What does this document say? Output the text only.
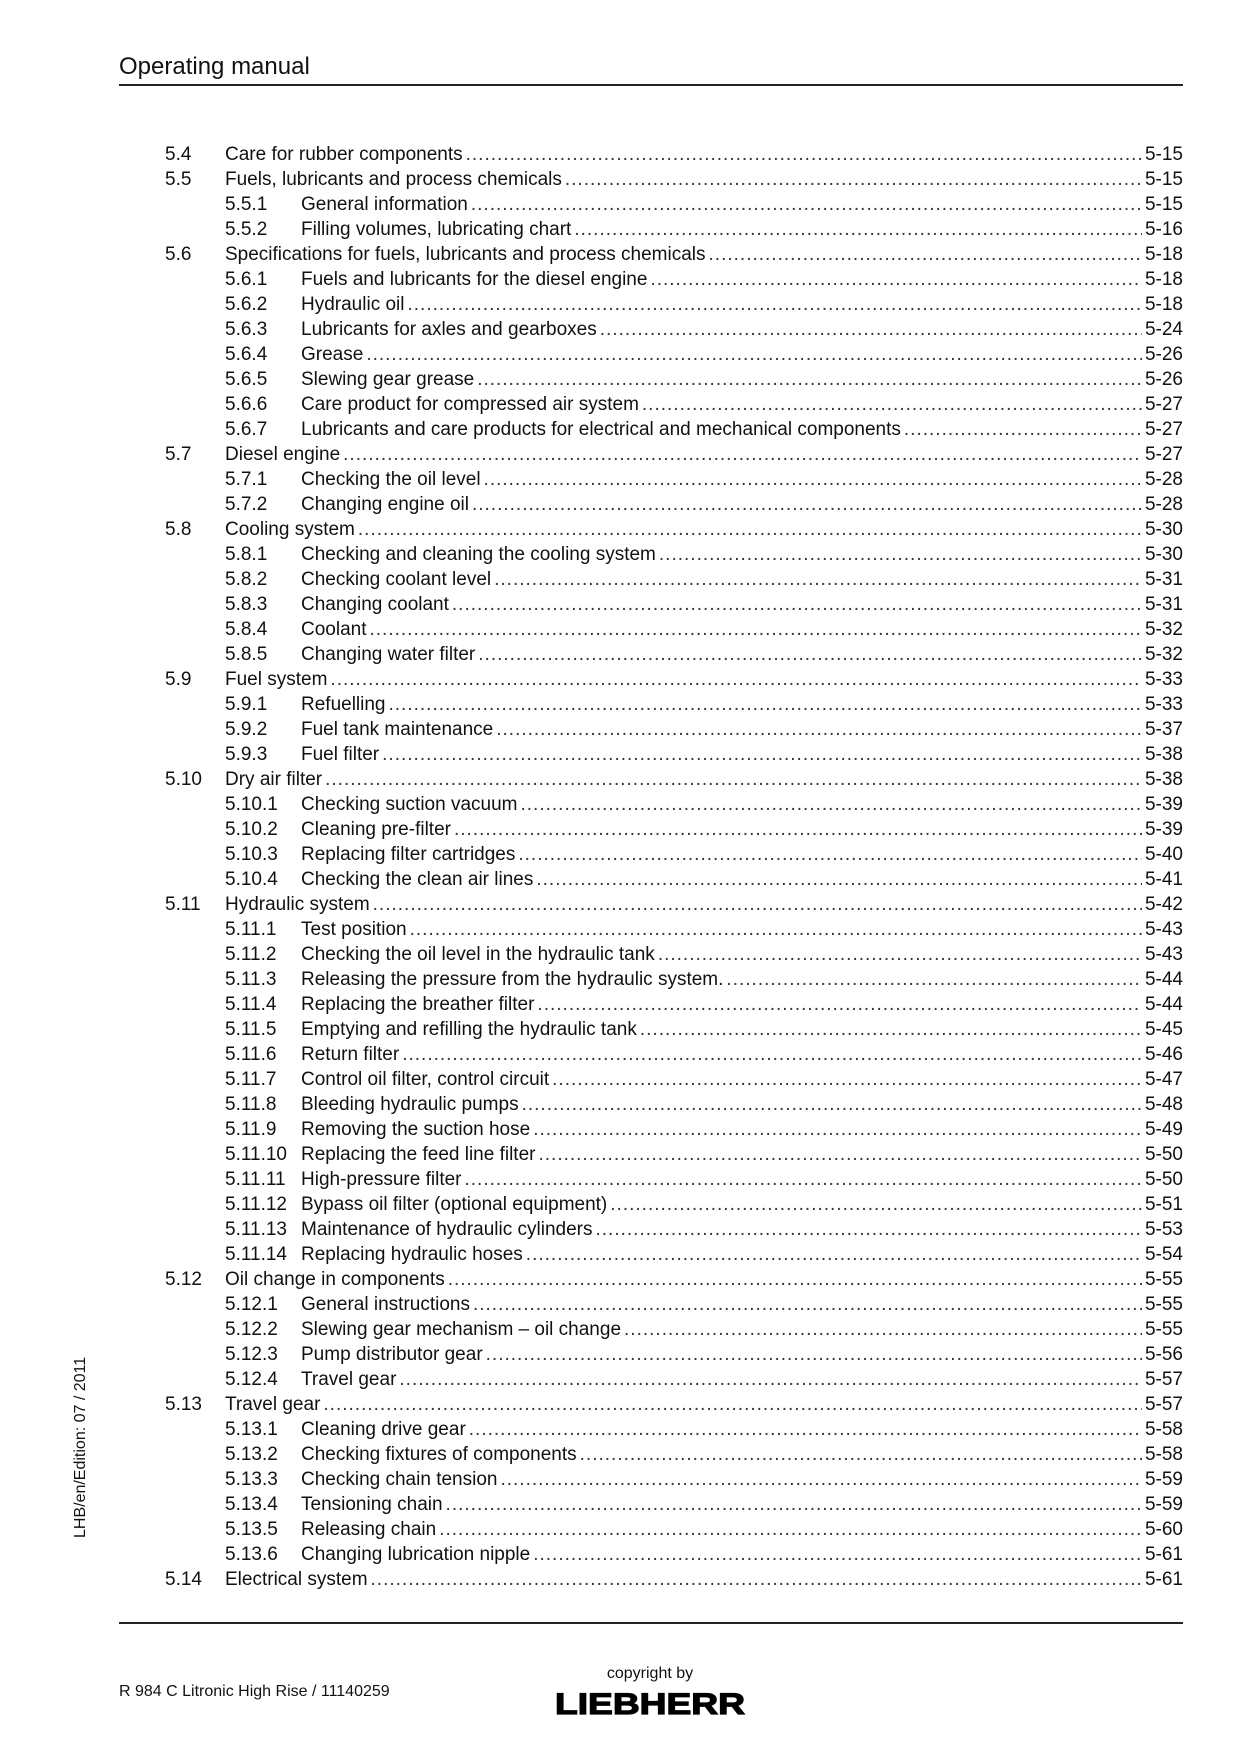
Operating manual
5.4 Care for rubber components .....	5-15
5.5 Fuels, lubricants and process chemicals .....	5-15
5.5.1 General information .....	5-15
5.5.2 Filling volumes, lubricating chart .....	5-16
5.6 Specifications for fuels, lubricants and process chemicals .....	5-18
5.6.1 Fuels and lubricants for the diesel engine .....	5-18
5.6.2 Hydraulic oil .....	5-18
5.6.3 Lubricants for axles and gearboxes .....	5-24
5.6.4 Grease .....	5-26
5.6.5 Slewing gear grease .....	5-26
5.6.6 Care product for compressed air system .....	5-27
5.6.7 Lubricants and care products for electrical and mechanical components .....	5-27
5.7 Diesel engine .....	5-27
5.7.1 Checking the oil level .....	5-28
5.7.2 Changing engine oil .....	5-28
5.8 Cooling system .....	5-30
5.8.1 Checking and cleaning the cooling system .....	5-30
5.8.2 Checking coolant level .....	5-31
5.8.3 Changing coolant .....	5-31
5.8.4 Coolant .....	5-32
5.8.5 Changing water filter .....	5-32
5.9 Fuel system .....	5-33
5.9.1 Refuelling .....	5-33
5.9.2 Fuel tank maintenance .....	5-37
5.9.3 Fuel filter .....	5-38
5.10 Dry air filter .....	5-38
5.10.1 Checking suction vacuum .....	5-39
5.10.2 Cleaning pre-filter .....	5-39
5.10.3 Replacing filter cartridges .....	5-40
5.10.4 Checking the clean air lines .....	5-41
5.11 Hydraulic system .....	5-42
5.11.1 Test position .....	5-43
5.11.2 Checking the oil level in the hydraulic tank .....	5-43
5.11.3 Releasing the pressure from the hydraulic system. .....	5-44
5.11.4 Replacing the breather filter .....	5-44
5.11.5 Emptying and refilling the hydraulic tank .....	5-45
5.11.6 Return filter .....	5-46
5.11.7 Control oil filter, control circuit .....	5-47
5.11.8 Bleeding hydraulic pumps .....	5-48
5.11.9 Removing the suction hose .....	5-49
5.11.10 Replacing the feed line filter .....	5-50
5.11.11 High-pressure filter .....	5-50
5.11.12 Bypass oil filter (optional equipment) .....	5-51
5.11.13 Maintenance of hydraulic cylinders .....	5-53
5.11.14 Replacing hydraulic hoses .....	5-54
5.12 Oil change in components .....	5-55
5.12.1 General instructions .....	5-55
5.12.2 Slewing gear mechanism – oil change .....	5-55
5.12.3 Pump distributor gear .....	5-56
5.12.4 Travel gear .....	5-57
5.13 Travel gear .....	5-57
5.13.1 Cleaning drive gear .....	5-58
5.13.2 Checking fixtures of components .....	5-58
5.13.3 Checking chain tension .....	5-59
5.13.4 Tensioning chain .....	5-59
5.13.5 Releasing chain .....	5-60
5.13.6 Changing lubrication nipple .....	5-61
5.14 Electrical system .....	5-61
LHB/en/Edition: 07 / 2011
R 984 C Litronic High Rise / 11140259
copyright by
LIEBHERR
